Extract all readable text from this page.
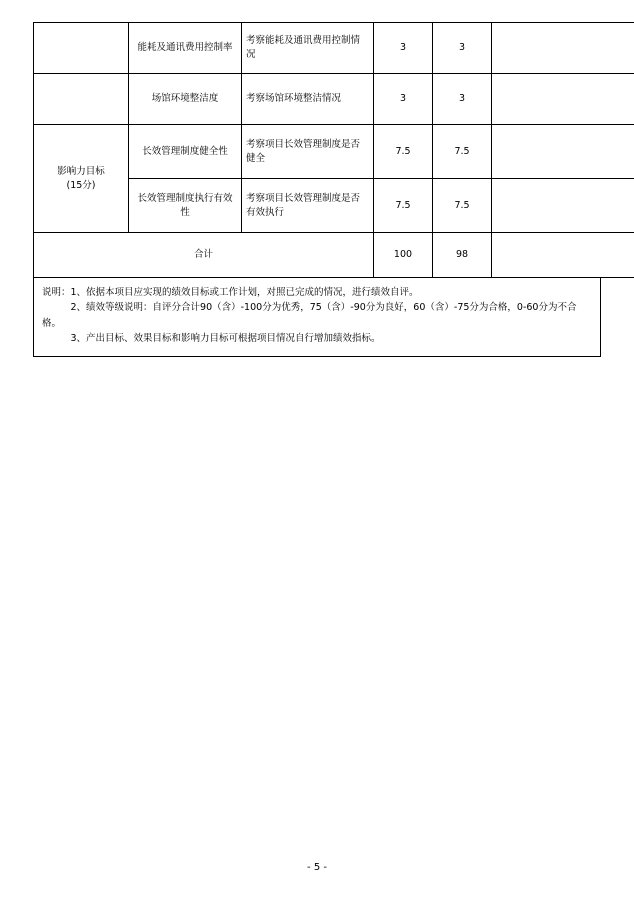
	能耗及通讯费用控制率	考察能耗及通讯费用控制情况	3	3	
	场馆环境整洁度	考察场馆环境整洁情况	3	3	
影响力目标
(15分)	长效管理制度健全性	考察项目长效管理制度是否健全	7.5	7.5	
	长效管理制度执行有效性	考察项目长效管理制度是否有效执行	7.5	7.5	
合计			100	98	
说明：1、依据本项目应实现的绩效目标或工作计划，对照已完成的情况，进行绩效自评。
　　　2、绩效等级说明：自评分合计90（含）-100分为优秀，75（含）-90分为良好，60（含）-75分为合格，0-60分为不合格。
　　　3、产出目标、效果目标和影响力目标可根据项目情况自行增加绩效指标。
- 5 -
